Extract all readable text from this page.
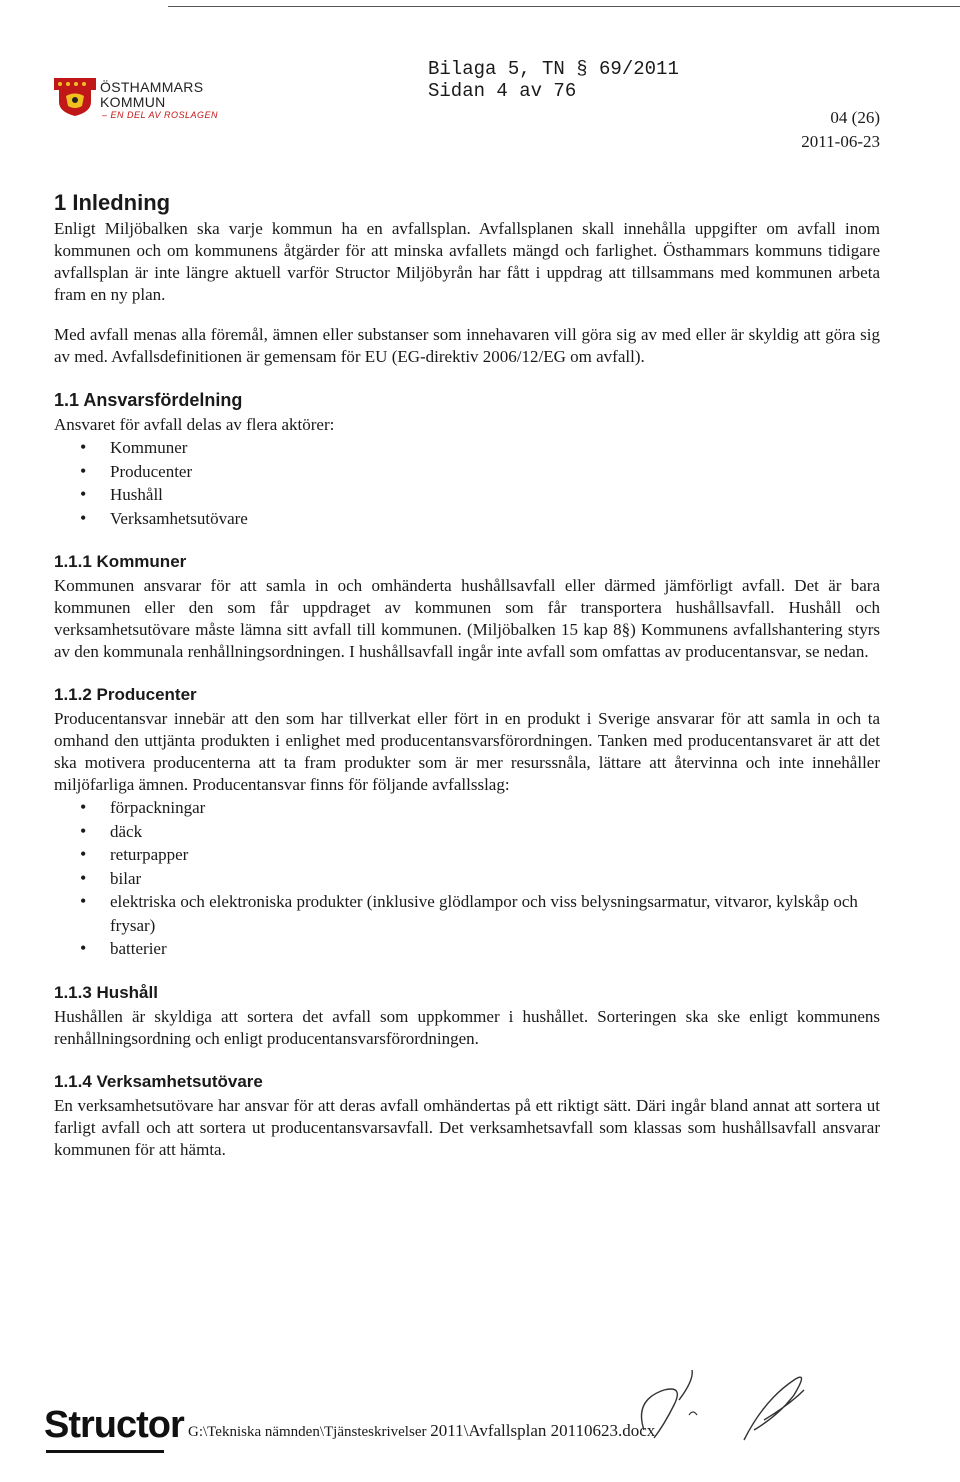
ÖSTHAMMARS
KOMMUN
– EN DEL AV ROSLAGEN
Bilaga 5, TN § 69/2011
Sidan 4 av 76
04 (26)
2011-06-23
1 Inledning

Enligt Miljöbalken ska varje kommun ha en avfallsplan. Avfallsplanen skall innehålla uppgifter om avfall inom kommunen och om kommunens åtgärder för att minska avfallets mängd och farlighet. Östhammars kommuns tidigare avfallsplan är inte längre aktuell varför Structor Miljöbyrån har fått i uppdrag att tillsammans med kommunen arbeta fram en ny plan.

Med avfall menas alla föremål, ämnen eller substanser som innehavaren vill göra sig av med eller är skyldig att göra sig av med. Avfallsdefinitionen är gemensam för EU (EG-direktiv 2006/12/EG om avfall).

1.1 Ansvarsfördelning

Ansvaret för avfall delas av flera aktörer:

• Kommuner
• Producenter
• Hushåll
• Verksamhetsutövare
1.1.1 Kommuner

Kommunen ansvarar för att samla in och omhänderta hushållsavfall eller därmed jämförligt avfall. Det är bara kommunen eller den som får uppdraget av kommunen som får transportera hushållsavfall. Hushåll och verksamhetsutövare måste lämna sitt avfall till kommunen. (Miljöbalken 15 kap 8§) Kommunens avfallshantering styrs av den kommunala renhållningsordningen. I hushållsavfall ingår inte avfall som omfattas av producentansvar, se nedan.

1.1.2 Producenter

Producentansvar innebär att den som har tillverkat eller fört in en produkt i Sverige ansvarar för att samla in och ta omhand den uttjänta produkten i enlighet med producentansvarsförordningen. Tanken med producentansvaret är att det ska motivera producenterna att ta fram produkter som är mer resurssnåla, lättare att återvinna och inte innehåller miljöfarliga ämnen. Producentansvar finns för följande avfallsslag:

• förpackningar
• däck
• returpapper
• bilar
• elektriska och elektroniska produkter (inklusive glödlampor och viss belysningsarmatur, vitvaror, kylskåp och frysar)
• batterier
1.1.3 Hushåll

Hushållen är skyldiga att sortera det avfall som uppkommer i hushållet. Sorteringen ska ske enligt kommunens renhållningsordning och enligt producentansvarsförordningen.

1.1.4 Verksamhetsutövare

En verksamhetsutövare har ansvar för att deras avfall omhändertas på ett riktigt sätt. Däri ingår bland annat att sortera ut farligt avfall och att sortera ut producentansvarsavfall. Det verksamhetsavfall som klassas som hushållsavfall ansvarar kommunen för att hämta.

Structor G:\Tekniska nämnden\Tjänsteskrivelser 2011\Avfallsplan 20110623.docx
